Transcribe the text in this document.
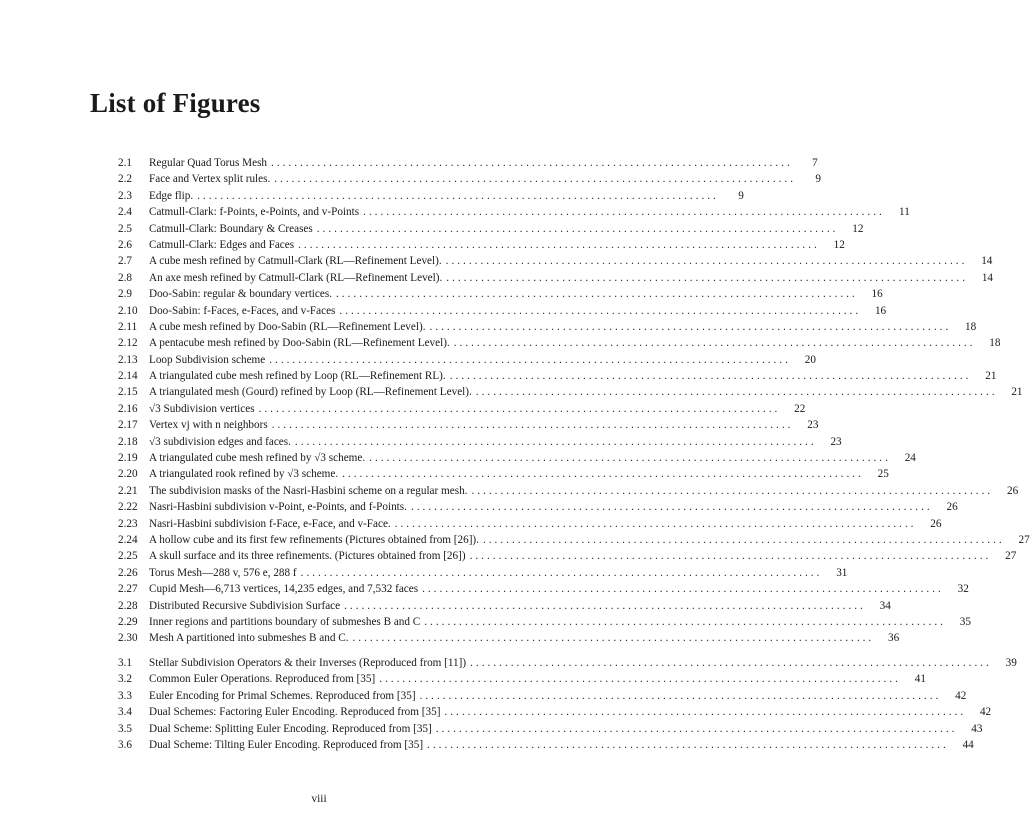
List of Figures
2.1 Regular Quad Torus Mesh ..........................................................................................	7
2.2 Face and Vertex split rules. ..........................................................................................	9
2.3 Edge flip. ..........................................................................................	9
2.4 Catmull-Clark: f-Points, e-Points, and v-Points ..........................................................................................	11
2.5 Catmull-Clark: Boundary & Creases ..........................................................................................	12
2.6 Catmull-Clark: Edges and Faces ..........................................................................................	12
2.7 A cube mesh refined by Catmull-Clark (RL—Refinement Level). ..........................................................................................	14
2.8 An axe mesh refined by Catmull-Clark (RL—Refinement Level). ..........................................................................................	14
2.9 Doo-Sabin: regular & boundary vertices. ..........................................................................................	16
2.10 Doo-Sabin: f-Faces, e-Faces, and v-Faces ..........................................................................................	16
2.11 A cube mesh refined by Doo-Sabin (RL—Refinement Level). ..........................................................................................	18
2.12 A pentacube mesh refined by Doo-Sabin (RL—Refinement Level). ..........................................................................................	18
2.13 Loop Subdivision scheme ..........................................................................................	20
2.14 A triangulated cube mesh refined by Loop (RL—Refinement RL). ..........................................................................................	21
2.15 A triangulated mesh (Gourd) refined by Loop (RL—Refinement Level). ..........................................................................................	21
2.16 √3 Subdivision vertices ..........................................................................................	22
2.17 Vertex vj with n neighbors ..........................................................................................	23
2.18 √3 subdivision edges and faces. ..........................................................................................	23
2.19 A triangulated cube mesh refined by √3 scheme. ..........................................................................................	24
2.20 A triangulated rook refined by √3 scheme. ..........................................................................................	25
2.21 The subdivision masks of the Nasri-Hasbini scheme on a regular mesh. ..........................................................................................	26
2.22 Nasri-Hasbini subdivision v-Point, e-Points, and f-Points. ..........................................................................................	26
2.23 Nasri-Hasbini subdivision f-Face, e-Face, and v-Face. ..........................................................................................	26
2.24 A hollow cube and its first few refinements (Pictures obtained from [26]). ..........................................................................................	27
2.25 A skull surface and its three refinements. (Pictures obtained from [26]) ..........................................................................................	27
2.26 Torus Mesh—288 v, 576 e, 288 f ..........................................................................................	31
2.27 Cupid Mesh—6,713 vertices, 14,235 edges, and 7,532 faces ..........................................................................................	32
2.28 Distributed Recursive Subdivision Surface ..........................................................................................	34
2.29 Inner regions and partitions boundary of submeshes B and C ..........................................................................................	35
2.30 Mesh A partitioned into submeshes B and C. ..........................................................................................	36
3.1 Stellar Subdivision Operators & their Inverses (Reproduced from [11]) ..........................................................................................	39
3.2 Common Euler Operations. Reproduced from [35] ..........................................................................................	41
3.3 Euler Encoding for Primal Schemes. Reproduced from [35] ..........................................................................................	42
3.4 Dual Schemes: Factoring Euler Encoding. Reproduced from [35] ..........................................................................................	42
3.5 Dual Scheme: Splitting Euler Encoding. Reproduced from [35] ..........................................................................................	43
3.6 Dual Scheme: Tilting Euler Encoding. Reproduced from [35] ..........................................................................................	44
viii
